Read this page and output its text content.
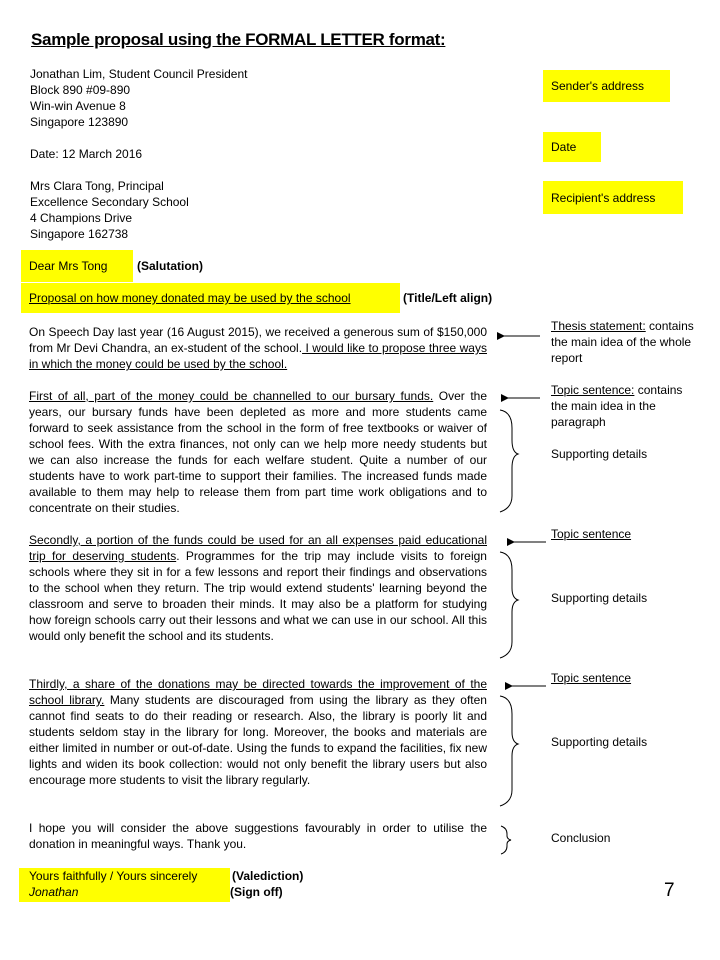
Sample proposal using the FORMAL LETTER format:
Jonathan Lim, Student Council President
Block 890 #09-890
Win-win Avenue 8
Singapore 123890
Date: 12 March 2016
Mrs Clara Tong, Principal
Excellence Secondary School
4 Champions Drive
Singapore 162738
Dear Mrs Tong (Salutation)
Proposal on how money donated may be used by the school	(Title/Left align)
On Speech Day last year (16 August 2015), we received a generous sum of $150,000 from Mr Devi Chandra, an ex-student of the school. I would like to propose three ways in which the money could be used by the school.
First of all, part of the money could be channelled to our bursary funds. Over the years, our bursary funds have been depleted as more and more students came forward to seek assistance from the school in the form of free textbooks or waiver of school fees. With the extra finances, not only can we help more needy students but we can also increase the funds for each welfare student. Quite a number of our students have to work part-time to support their families. The increased funds made available to them may help to release them from part time work obligations and to concentrate on their studies.
Secondly, a portion of the funds could be used for an all expenses paid educational trip for deserving students. Programmes for the trip may include visits to foreign schools where they sit in for a few lessons and report their findings and observations to the school when they return. The trip would extend students' learning beyond the classroom and serve to broaden their minds. It may also be a platform for studying how foreign schools carry out their lessons and what we can use in our school. All this would only benefit the school and its students.
Thirdly, a share of the donations may be directed towards the improvement of the school library. Many students are discouraged from using the library as they often cannot find seats to do their reading or research. Also, the library is poorly lit and students seldom stay in the library for long. Moreover, the books and materials are either limited in number or out-of-date. Using the funds to expand the facilities, fix new lights and widen its book collection: would not only benefit the library users but also encourage more students to visit the library regularly.
I hope you will consider the above suggestions favourably in order to utilise the donation in meaningful ways. Thank you.
Yours faithfully / Yours sincerely
Jonathan
(Valediction)
(Sign off)
Sender's address
Date
Recipient's address
Thesis statement: contains the main idea of the whole report
Topic sentence: contains the main idea in the paragraph
Supporting details
Topic sentence
Supporting details
Topic sentence
Supporting details
Conclusion
7
